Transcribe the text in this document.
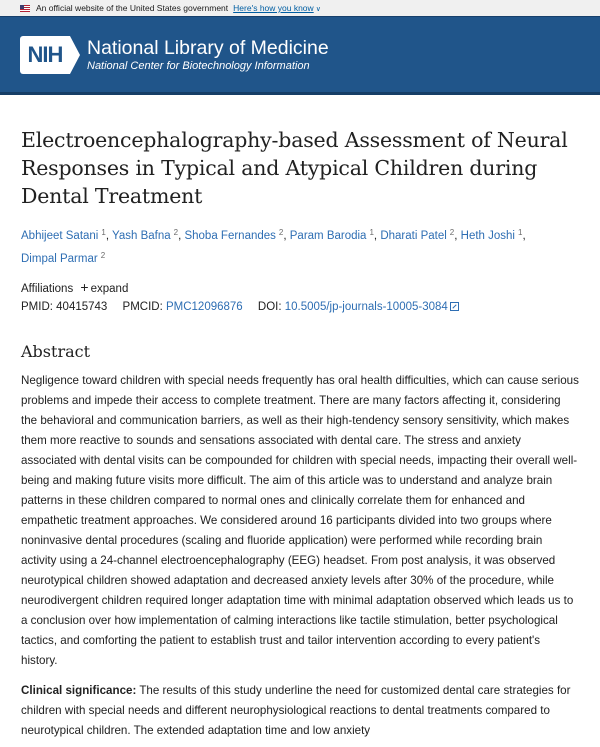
An official website of the United States government Here's how you know ∨
NIH	National Library of Medicine
National Center for Biotechnology Information
Electroencephalography-based Assessment of Neural Responses in Typical and Atypical Children during Dental Treatment
Abhijeet Satani $^1$, Yash Bafna $^2$, Shoba Fernandes $^2$, Param Barodia $^1$, Dharati Patel $^2$, Heth Joshi $^1$,
Dimpal Parmar $^2$
Affiliations + expand
PMID: 40415743 PMCID: PMC12096876 DOI: 10.5005/jp-journals-10005-3084
Abstract

Negligence toward children with special needs frequently has oral health difficulties, which can cause serious problems and impede their access to complete treatment. There are many factors affecting it, considering the behavioral and communication barriers, as well as their high-tendency sensory sensitivity, which makes them more reactive to sounds and sensations associated with dental care. The stress and anxiety associated with dental visits can be compounded for children with special needs, impacting their overall well-being and making future visits more difficult. The aim of this article was to understand and analyze brain patterns in these children compared to normal ones and clinically correlate them for enhanced and empathetic treatment approaches. We considered around 16 participants divided into two groups where noninvasive dental procedures (scaling and fluoride application) were performed while recording brain activity using a 24-channel electroencephalography (EEG) headset. From post analysis, it was observed neurotypical children showed adaptation and decreased anxiety levels after 30% of the procedure, while neurodivergent children required longer adaptation time with minimal adaptation observed which leads us to a conclusion over how implementation of calming interactions like tactile stimulation, better psychological tactics, and comforting the patient to establish trust and tailor intervention according to every patient's history.

Clinical significance: The results of this study underline the need for customized dental care strategies for children with special needs and different neurophysiological reactions to dental treatments compared to neurotypical children. The extended adaptation time and low anxiety
